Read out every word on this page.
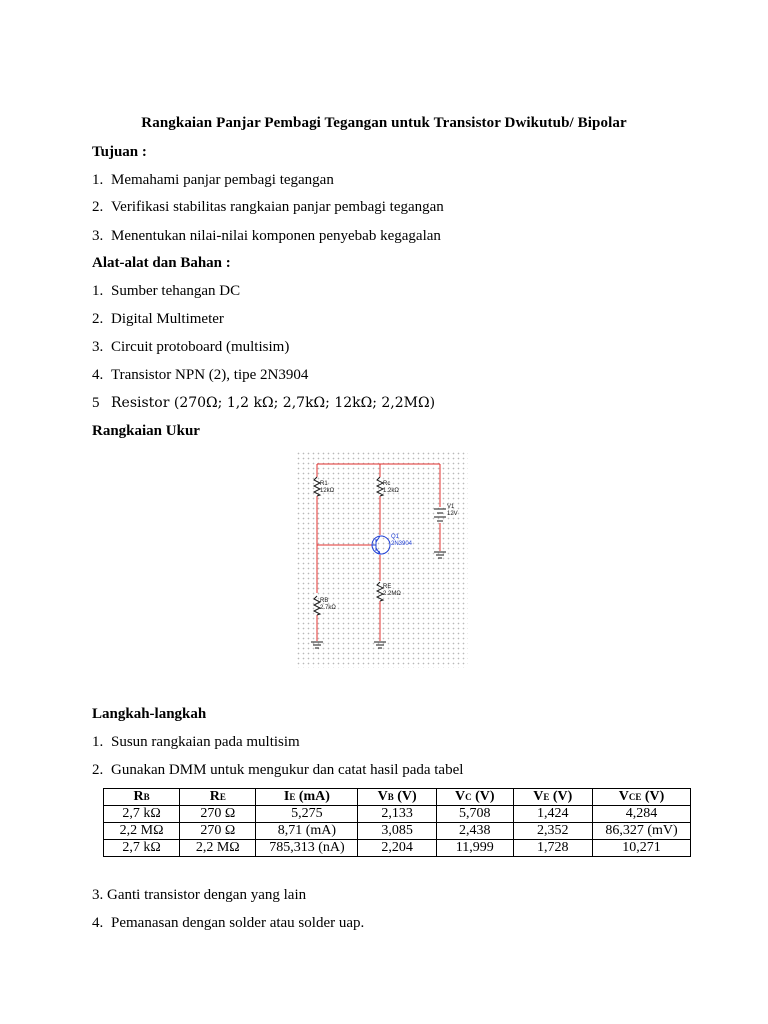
Rangkaian Panjar Pembagi Tegangan untuk Transistor Dwikutub/ Bipolar
Tujuan :
1. Memahami panjar pembagi tegangan
2. Verifikasi stabilitas rangkaian panjar pembagi tegangan
3. Menentukan nilai-nilai komponen penyebab kegagalan
Alat-alat dan Bahan :
1. Sumber tehangan DC
2. Digital Multimeter
3. Circuit protoboard (multisim)
4. Transistor NPN (2), tipe 2N3904
5 Resistor (270Ω; 1,2 kΩ; 2,7kΩ; 12kΩ; 2,2MΩ)
Rangkaian Ukur
R1
12kΩ
Rc
1.2kΩ
V1
12V
RE
2.2MΩ
RB
2.7kΩ
Q1
2N3904
Langkah-langkah
1. Susun rangkaian pada multisim
2. Gunakan DMM untuk mengukur dan catat hasil pada tabel
RB	RE	IE (mA)	VB (V)	VC (V)	VE (V)	VCE (V)
2,7 kΩ	270 Ω	5,275	2,133	5,708	1,424	4,284
2,2 MΩ	270 Ω	8,71 (mA)	3,085	2,438	2,352	86,327 (mV)
2,7 kΩ	2,2 MΩ	785,313 (nA)	2,204	11,999	1,728	10,271
3. Ganti transistor dengan yang lain
4. Pemanasan dengan solder atau solder uap.
